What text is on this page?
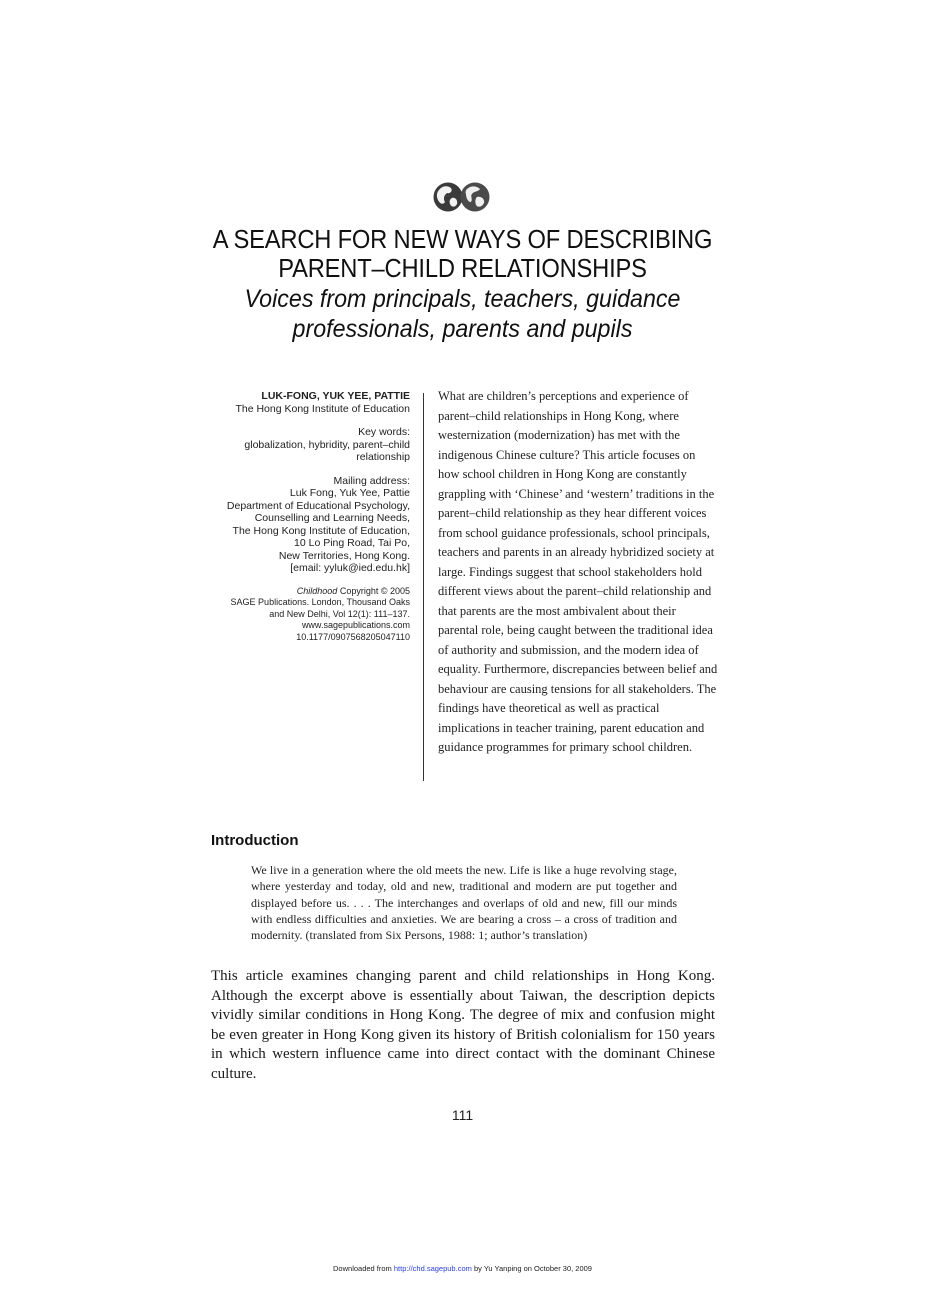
A SEARCH FOR NEW WAYS OF DESCRIBING
PARENT–CHILD RELATIONSHIPS
Voices from principals, teachers, guidance
professionals, parents and pupils
LUK-FONG, YUK YEE, PATTIE
The Hong Kong Institute of Education
Key words:
globalization, hybridity, parent–child
relationship
Mailing address:
Luk Fong, Yuk Yee, Pattie
Department of Educational Psychology,
Counselling and Learning Needs,
The Hong Kong Institute of Education,
10 Lo Ping Road, Tai Po,
New Territories, Hong Kong.
[email: yyluk@ied.edu.hk]
Childhood Copyright © 2005
SAGE Publications. London, Thousand Oaks
and New Delhi, Vol 12(1): 111–137.
www.sagepublications.com
10.1177/0907568205047110
What are children’s perceptions and experience of parent–child relationships in Hong Kong, where westernization (modernization) has met with the indigenous Chinese culture? This article focuses on how school children in Hong Kong are constantly grappling with ‘Chinese’ and ‘western’ traditions in the parent–child relationship as they hear different voices from school guidance professionals, school principals, teachers and parents in an already hybridized society at large. Findings suggest that school stakeholders hold different views about the parent–child relationship and that parents are the most ambivalent about their parental role, being caught between the traditional idea of authority and submission, and the modern idea of equality. Furthermore, discrepancies between belief and behaviour are causing tensions for all stakeholders. The findings have theoretical as well as practical implications in teacher training, parent education and guidance programmes for primary school children.
Introduction
We live in a generation where the old meets the new. Life is like a huge revolving stage, where yesterday and today, old and new, traditional and modern are put together and displayed before us. . . . The interchanges and overlaps of old and new, fill our minds with endless difficulties and anxieties. We are bearing a cross – a cross of tradition and modernity. (translated from Six Persons, 1988: 1; author’s translation)
This article examines changing parent and child relationships in Hong Kong. Although the excerpt above is essentially about Taiwan, the description depicts vividly similar conditions in Hong Kong. The degree of mix and confusion might be even greater in Hong Kong given its history of British colonialism for 150 years in which western influence came into direct contact with the dominant Chinese culture.
111
Downloaded from http://chd.sagepub.com by Yu Yanping on October 30, 2009
